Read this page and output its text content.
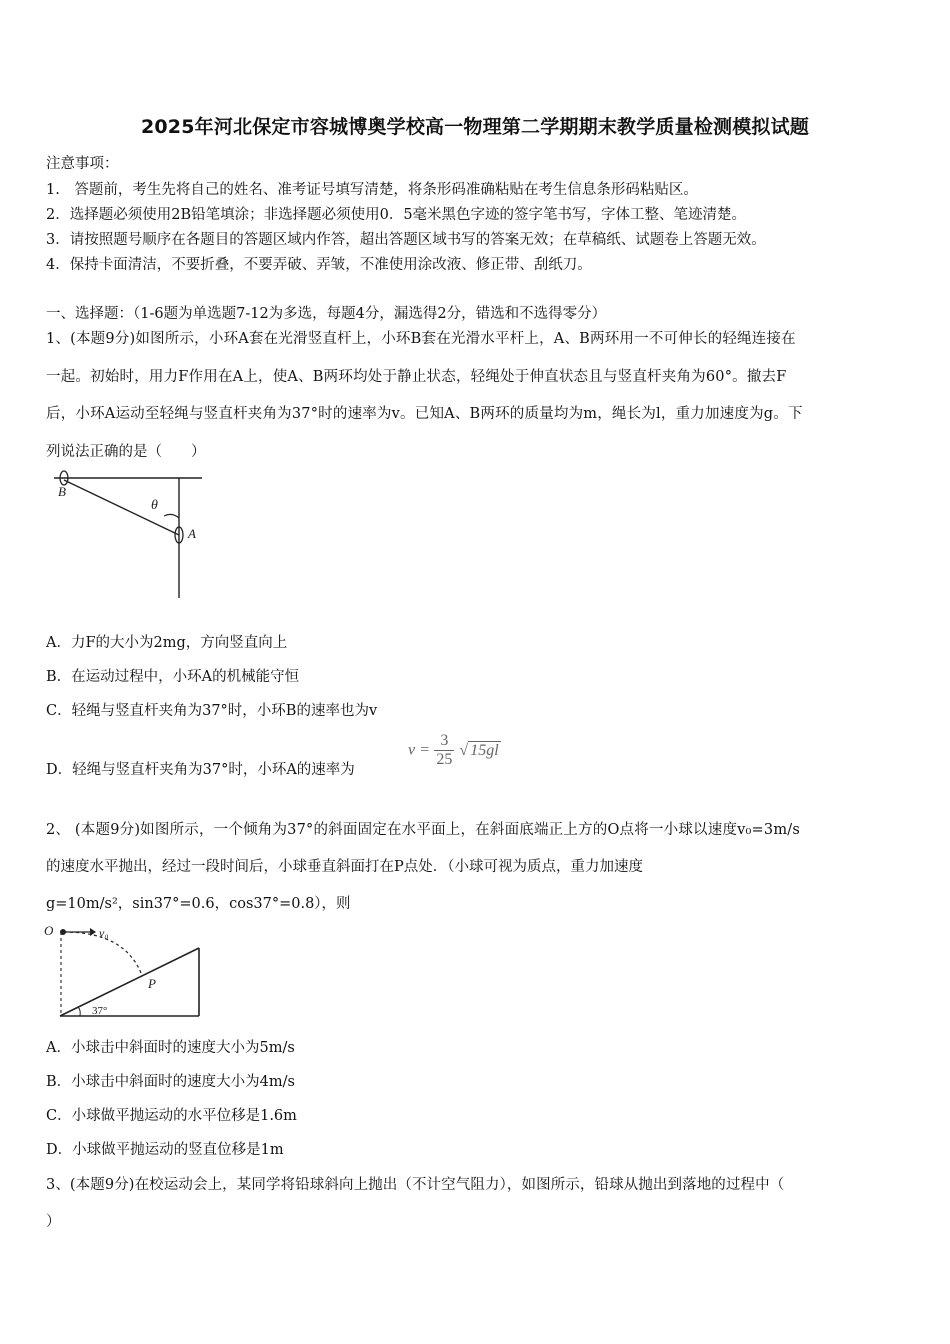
2025年河北保定市容城博奥学校高一物理第二学期期末教学质量检测模拟试题
注意事项：
1.　答题前，考生先将自己的姓名、准考证号填写清楚，将条形码准确粘贴在考生信息条形码粘贴区。
2．选择题必须使用2B铅笔填涂；非选择题必须使用0．5毫米黑色字迹的签字笔书写，字体工整、笔迹清楚。
3．请按照题号顺序在各题目的答题区域内作答，超出答题区域书写的答案无效；在草稿纸、试题卷上答题无效。
4．保持卡面清洁，不要折叠，不要弄破、弄皱，不准使用涂改液、修正带、刮纸刀。
一、选择题：（1-6题为单选题7-12为多选，每题4分，漏选得2分，错选和不选得零分）
1、(本题9分)如图所示，小环A套在光滑竖直杆上，小环B套在光滑水平杆上，A、B两环用一不可伸长的轻绳连接在
一起。初始时，用力F作用在A上，使A、B两环均处于静止状态，轻绳处于伸直状态且与竖直杆夹角为60°。撤去F
后，小环A运动至轻绳与竖直杆夹角为37°时的速率为v。已知A、B两环的质量均为m，绳长为l，重力加速度为g。下
列说法正确的是（　　）
B
θ
A
A．力F的大小为2mg，方向竖直向上
B．在运动过程中，小环A的机械能守恒
C．轻绳与竖直杆夹角为37°时，小环B的速率也为v
D．轻绳与竖直杆夹角为37°时，小环A的速率为
$v = \frac{3}{25}$ √ 15gl
2、 (本题9分)如图所示，一个倾角为37°的斜面固定在水平面上，在斜面底端正上方的O点将一小球以速度v₀=3m/s
的速度水平抛出，经过一段时间后，小球垂直斜面打在P点处．（小球可视为质点，重力加速度
g=10m/s²，sin37°=0.6，cos37°=0.8），则
O	v₀
P
37°
A．小球击中斜面时的速度大小为5m/s
B．小球击中斜面时的速度大小为4m/s
C．小球做平抛运动的水平位移是1.6m
D．小球做平抛运动的竖直位移是1m
3、(本题9分)在校运动会上，某同学将铅球斜向上抛出（不计空气阻力），如图所示，铅球从抛出到落地的过程中（
）
